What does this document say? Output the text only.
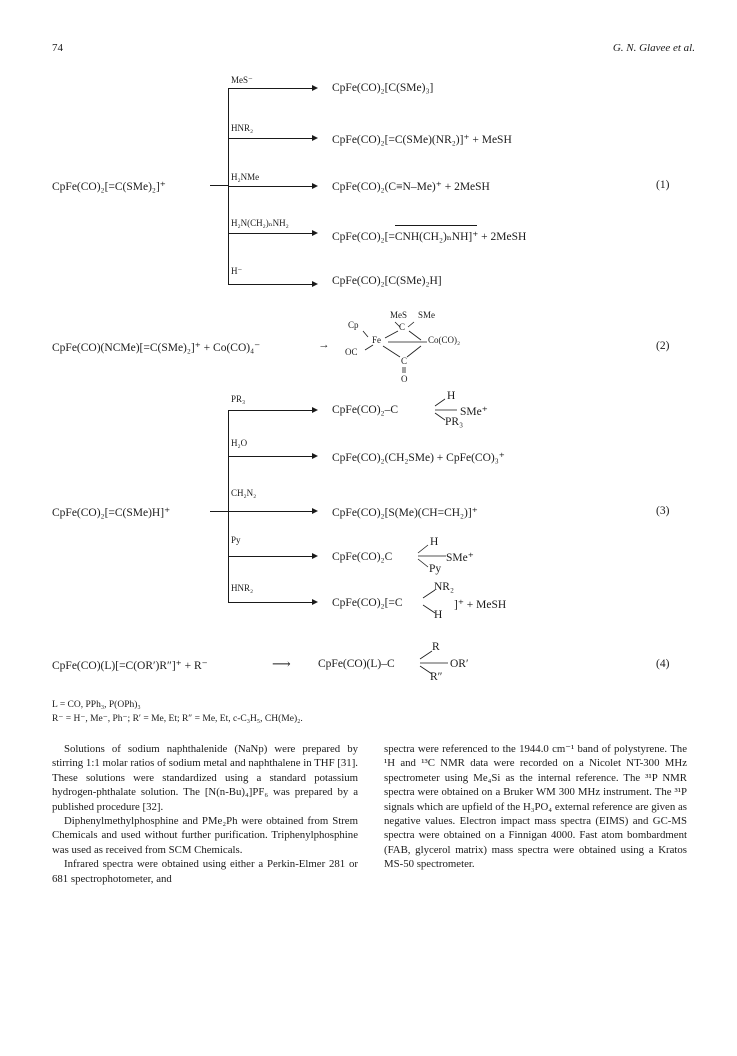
74	G. N. Glavee et al.
CpFe(CO)₂[=C(SMe)₂]⁺
MeS⁻
CpFe(CO)₂[C(SMe)₃]
HNR₂
CpFe(CO)₂[=C(SMe)(NR₂)]⁺ + MeSH
H₂NMe
CpFe(CO)₂(C≡N–Me)⁺ + 2MeSH	(1)
H₂N(CH₂)ₙNH₂
CpFe(CO)₂[=CNH(CH₂)ₙNH]⁺ + 2MeSH
H⁻
CpFe(CO)₂[C(SMe)₂H]
CpFe(CO)(NCMe)[=C(SMe)₂]⁺ + Co(CO)₄⁻	→
MeS SMe
Cp	C
Fe	Co(CO)₂
OC
C
O
(2)
CpFe(CO)₂[=C(SMe)H]⁺
PR₃
CpFe(CO)₂–C
H
SMe⁺
PR₃
H₂O
CpFe(CO)₂(CH₂SMe) + CpFe(CO)₃⁺
CH₂N₂
CpFe(CO)₂[S(Me)(CH=CH₂)]⁺	(3)
Py
CpFe(CO)₂C
H
SMe⁺
Py
HNR₂
CpFe(CO)₂[=C
NR₂
]⁺ + MeSH
H
CpFe(CO)(L)[=C(OR′)R″]⁺ + R⁻	⟶ CpFe(CO)(L)–C
R
OR′
R″
(4)
L = CO, PPh₃, P(OPh)₃
R⁻ = H⁻, Me⁻, Ph⁻; R′ = Me, Et; R″ = Me, Et, c-C₃H₅, CH(Me)₂.

Solutions of sodium naphthalenide (NaNp) were prepared by stirring 1:1 molar ratios of sodium metal and naphthalene in THF [31]. These solutions were standardized using a standard potassium hydrogen-phthalate solution. The [N(n-Bu)₄]PF₆ was prepared by a published procedure [32].

Diphenylmethylphosphine and PMe₂Ph were obtained from Strem Chemicals and used without further purification. Triphenylphosphine was used as received from SCM Chemicals.

Infrared spectra were obtained using either a Perkin-Elmer 281 or 681 spectrophotometer, and

spectra were referenced to the 1944.0 cm⁻¹ band of polystyrene. The ¹H and ¹³C NMR data were recorded on a Nicolet NT-300 MHz spectrometer using Me₄Si as the internal reference. The ³¹P NMR spectra were obtained on a Bruker WM 300 MHz instrument. The ³¹P signals which are upfield of the H₃PO₄ external reference are given as negative values. Electron impact mass spectra (EIMS) and GC-MS spectra were obtained on a Finnigan 4000. Fast atom bombardment (FAB, glycerol matrix) mass spectra were obtained using a Kratos MS-50 spectrometer.
